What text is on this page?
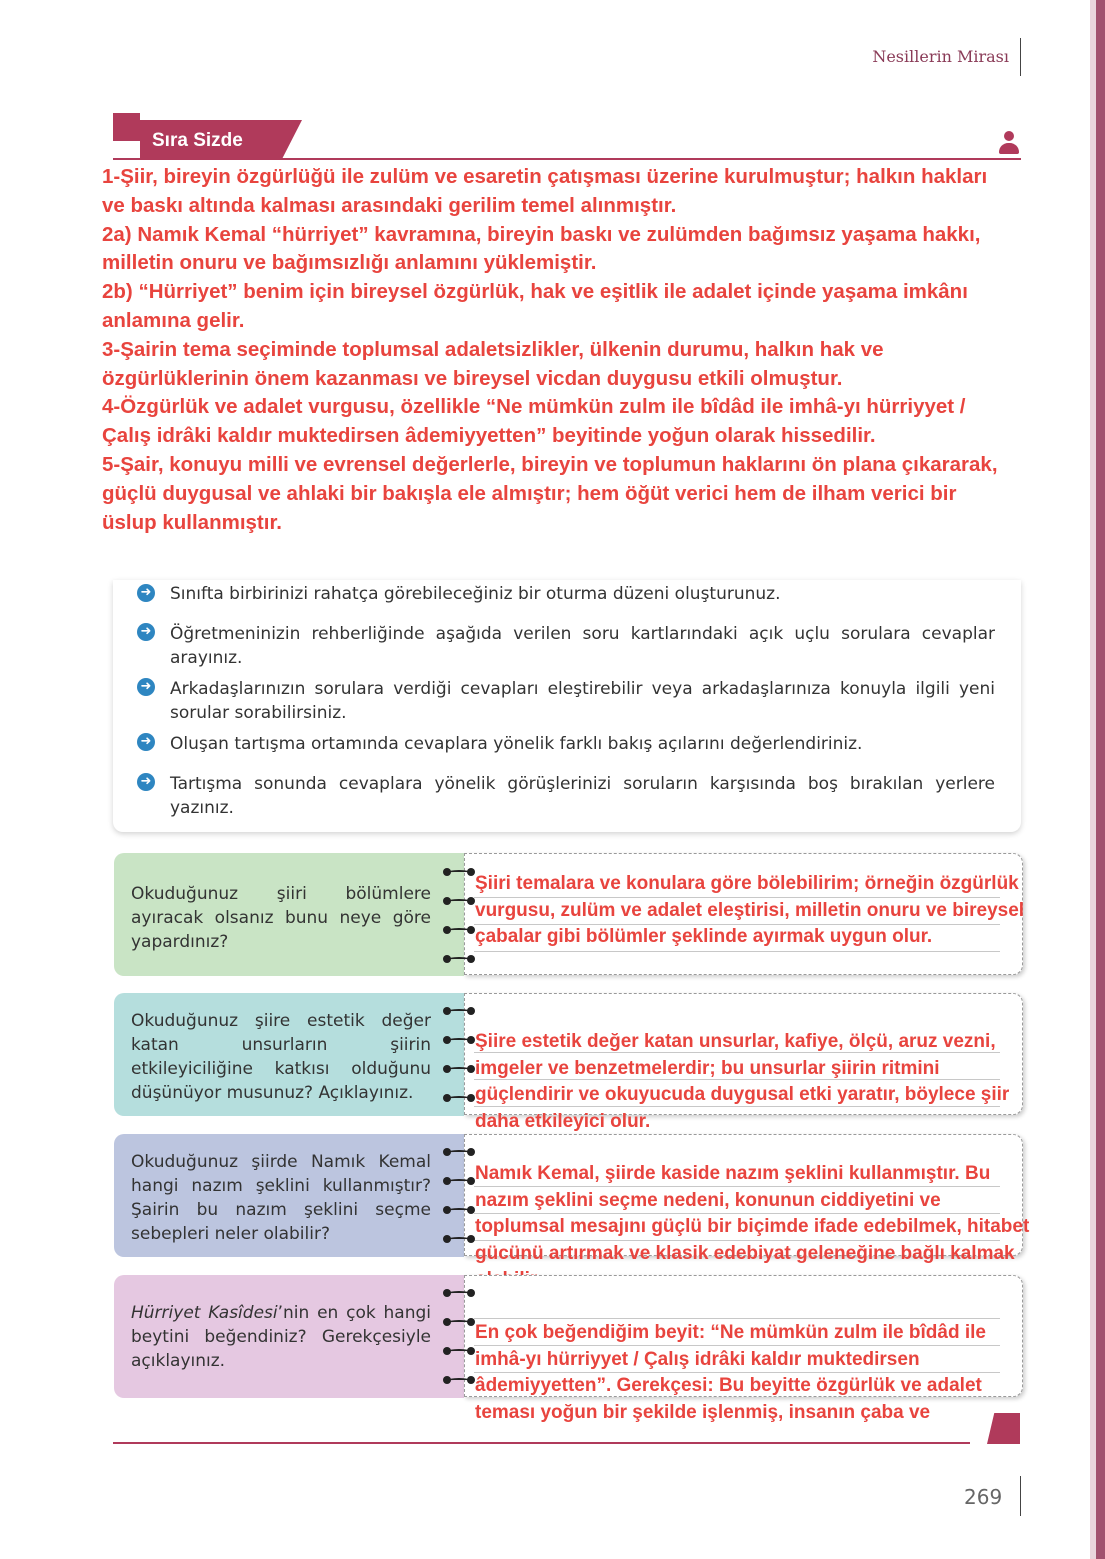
Nesillerin Mirası
Sıra Sizde

1-Şiir, bireyin özgürlüğü ile zulüm ve esaretin çatışması üzerine kurulmuştur; halkın hakları ve baskı altında kalması arasındaki gerilim temel alınmıştır.

2a) Namık Kemal “hürriyet” kavramına, bireyin baskı ve zulümden bağımsız yaşama hakkı, milletin onuru ve bağımsızlığı anlamını yüklemiştir.

2b) “Hürriyet” benim için bireysel özgürlük, hak ve eşitlik ile adalet içinde yaşama imkânı anlamına gelir.

3-Şairin tema seçiminde toplumsal adaletsizlikler, ülkenin durumu, halkın hak ve özgürlüklerinin önem kazanması ve bireysel vicdan duygusu etkili olmuştur.

4-Özgürlük ve adalet vurgusu, özellikle “Ne mümkün zulm ile bîdâd ile imhâ-yı hürriyyet / Çalış idrâki kaldır muktedirsen âdemiyyetten” beyitinde yoğun olarak hissedilir.

5-Şair, konuyu milli ve evrensel değerlerle, bireyin ve toplumun haklarını ön plana çıkararak, güçlü duygusal ve ahlaki bir bakışla ele almıştır; hem öğüt verici hem de ilham verici bir üslup kullanmıştır.

➜ Sınıfta birbirinizi rahatça görebileceğiniz bir oturma düzeni oluşturunuz.
➜ Öğretmeninizin rehberliğinde aşağıda verilen soru kartlarındaki açık uçlu sorulara cevaplar arayınız.
➜ Arkadaşlarınızın sorulara verdiği cevapları eleştirebilir veya arkadaşlarınıza konuyla ilgili yeni sorular sorabilirsiniz.
➜ Oluşan tartışma ortamında cevaplara yönelik farklı bakış açılarını değerlendiriniz.
➜ Tartışma sonunda cevaplara yönelik görüşlerinizi soruların karşısında boş bırakılan yerlere yazınız.
Okuduğunuz şiiri bölümlere ayıracak olsanız bunu neye göre yapardınız?
Şiiri temalara ve konulara göre bölebilirim; örneğin özgürlük vurgusu, zulüm ve adalet eleştirisi, milletin onuru ve bireysel çabalar gibi bölümler şeklinde ayırmak uygun olur.
Okuduğunuz şiire estetik değer katan unsurların şiirin etkileyiciliğine katkısı olduğunu düşünüyor musunuz? Açıklayınız.
Şiire estetik değer katan unsurlar, kafiye, ölçü, aruz vezni, imgeler ve benzetmelerdir; bu unsurlar şiirin ritmini güçlendirir ve okuyucuda duygusal etki yaratır, böylece şiir daha etkileyici olur.
Okuduğunuz şiirde Namık Kemal hangi nazım şeklini kullanmıştır? Şairin bu nazım şeklini seçme sebepleri neler olabilir?
Namık Kemal, şiirde kaside nazım şeklini kullanmıştır. Bu nazım şeklini seçme nedeni, konunun ciddiyetini ve toplumsal mesajını güçlü bir biçimde ifade edebilmek, hitabet gücünü artırmak ve klasik edebiyat geleneğine bağlı kalmak
Hürriyet Kasîdesi’nin en çok hangi beytini beğendiniz? Gerekçesiyle açıklayınız.
En çok beğendiğim beyit: “Ne mümkün zulm ile bîdâd ile imhâ-yı hürriyyet / Çalış idrâki kaldır muktedirsen âdemiyyetten”. Gerekçesi: Bu beyitte özgürlük ve adalet teması yoğun bir şekilde işlenmiş, insanın çaba ve
269
